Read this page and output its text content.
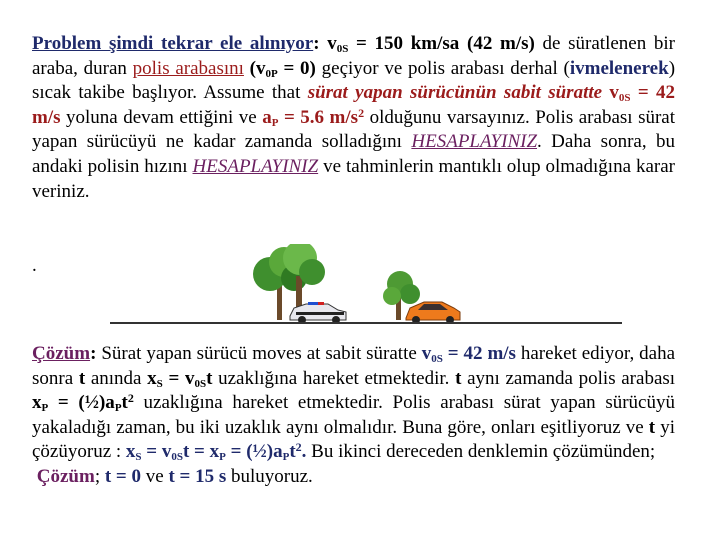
Problem şimdi tekrar ele alınıyor: $v_{0S} = 150$ km/sa (42 m/s) de süratlenen bir araba, duran polis arabasını $(v_{0P} = 0)$ geçiyor ve polis arabası derhal (ivmelenerek) sıcak takibe başlıyor. Assume that sürat yapan sürücünün sabit süratte $v_{0S} = 42$ m/s yoluna devam ettiğini ve $a_P = 5.6$ $m/s^2$ olduğunu varsayınız. Polis arabası sürat yapan sürücüyü ne kadar zamanda solladığını HESAPLAYINIZ. Daha sonra, bu andaki polisin hızını HESAPLAYINIZ ve tahminlerin mantıklı olup olmadığına karar veriniz.
.
Çözüm: Sürat yapan sürücü moves at sabit süratte $v_{0S} = 42$ m/s hareket ediyor, daha sonra t anında $x_S = v_{0S}t$ uzaklığına hareket etmektedir. t aynı zamanda polis arabası $x_P$ = $(\frac{1}{2})a_Pt^2$ uzaklığına hareket etmektedir. Polis arabası sürat yapan sürücüyü yakaladığı zaman, bu iki uzaklık aynı olmalıdır. Buna göre, onları eşitliyoruz ve t yi çözüyoruz : $x_S = v_{0S}t = x_P$ = $(\frac{1}{2})a_Pt^2$. Bu ikinci dereceden denklemin çözümünden;
Çözüm; t = 0 ve t = 15 s buluyoruz.
